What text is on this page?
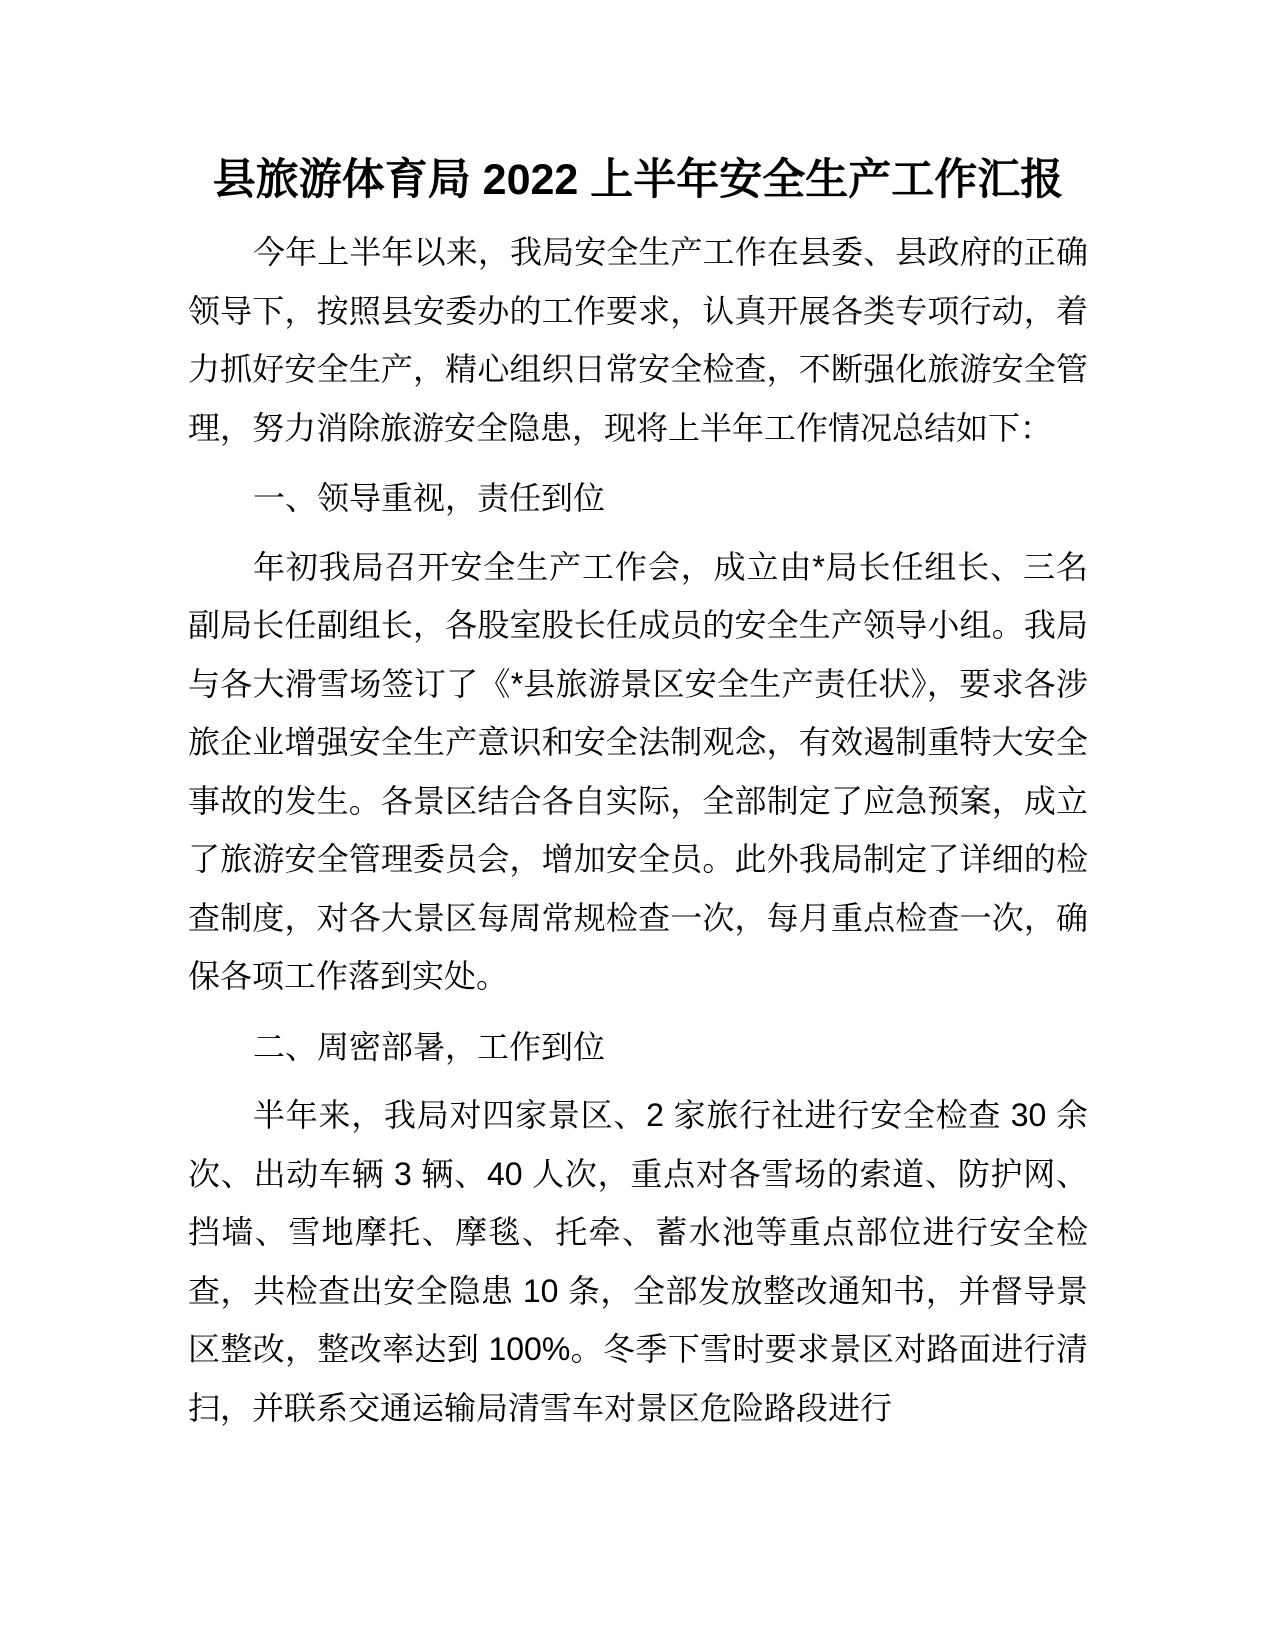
县旅游体育局 2022 上半年安全生产工作汇报

今年上半年以来，我局安全生产工作在县委、县政府的正确领导下，按照县安委办的工作要求，认真开展各类专项行动，着力抓好安全生产，精心组织日常安全检查，不断强化旅游安全管理，努力消除旅游安全隐患，现将上半年工作情况总结如下：

一、领导重视，责任到位

年初我局召开安全生产工作会，成立由*局长任组长、三名副局长任副组长，各股室股长任成员的安全生产领导小组。我局与各大滑雪场签订了《*县旅游景区安全生产责任状》，要求各涉旅企业增强安全生产意识和安全法制观念，有效遏制重特大安全事故的发生。各景区结合各自实际，全部制定了应急预案，成立了旅游安全管理委员会，增加安全员。此外我局制定了详细的检查制度，对各大景区每周常规检查一次，每月重点检查一次，确保各项工作落到实处。

二、周密部暑，工作到位

半年来，我局对四家景区、2 家旅行社进行安全检查 30 余次、出动车辆 3 辆、40 人次，重点对各雪场的索道、防护网、挡墙、雪地摩托、摩毯、托牵、蓄水池等重点部位进行安全检查，共检查出安全隐患 10 条，全部发放整改通知书，并督导景区整改，整改率达到 100%。冬季下雪时要求景区对路面进行清扫，并联系交通运输局清雪车对景区危险路段进行
